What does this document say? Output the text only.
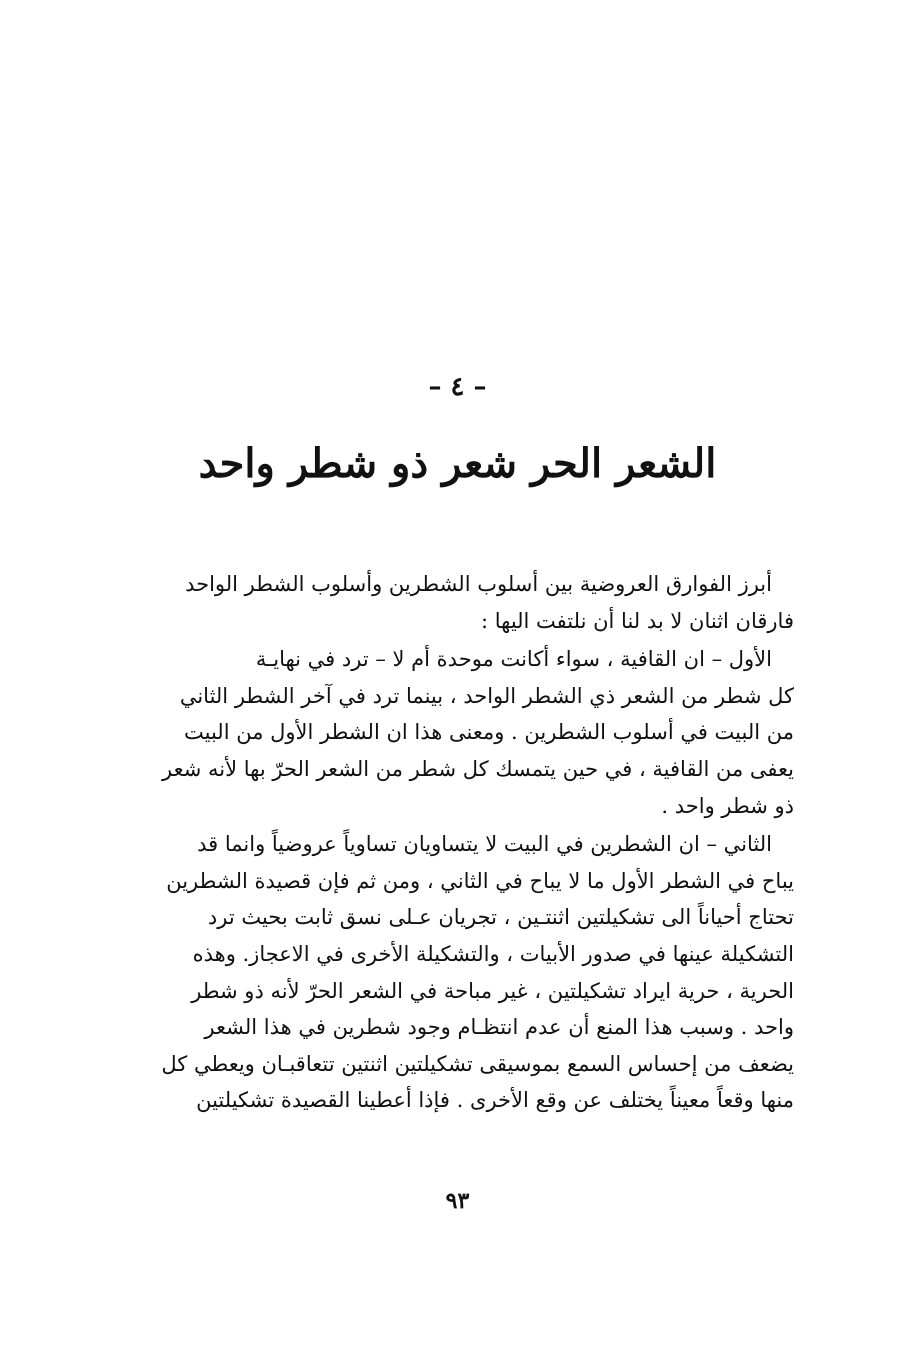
– ٤ –
الشعر الحر شعر ذو شطر واحد

أبرز الفوارق العروضية بين أسلوب الشطرين وأسلوب الشطر الواحد
فارقان اثنان لا بد لنا أن نلتفت اليها :

الأول – ان القافية ، سواء أكانت موحدة أم لا – ترد في نهايـة
كل شطر من الشعر ذي الشطر الواحد ، بينما ترد في آخر الشطر الثاني
من البيت في أسلوب الشطرين . ومعنى هذا ان الشطر الأول من البيت
يعفى من القافية ، في حين يتمسك كل شطر من الشعر الحرّ بها لأنه شعر
ذو شطر واحد .

الثاني – ان الشطرين في البيت لا يتساويان تساوياً عروضياً وانما قد
يباح في الشطر الأول ما لا يباح في الثاني ، ومن ثم فإن قصيدة الشطرين
تحتاج أحياناً الى تشكيلتين اثنتـين ، تجريان عـلى نسق ثابت بحيث ترد
التشكيلة عينها في صدور الأبيات ، والتشكيلة الأخرى في الاعجاز. وهذه
الحرية ، حرية ايراد تشكيلتين ، غير مباحة في الشعر الحرّ لأنه ذو شطر
واحد . وسبب هذا المنع أن عدم انتظـام وجود شطرين في هذا الشعر
يضعف من إحساس السمع بموسيقى تشكيلتين اثنتين تتعاقبـان ويعطي كل
منها وقعاً معيناً يختلف عن وقع الأخرى . فإذا أعطينا القصيدة تشكيلتين

٩٣
